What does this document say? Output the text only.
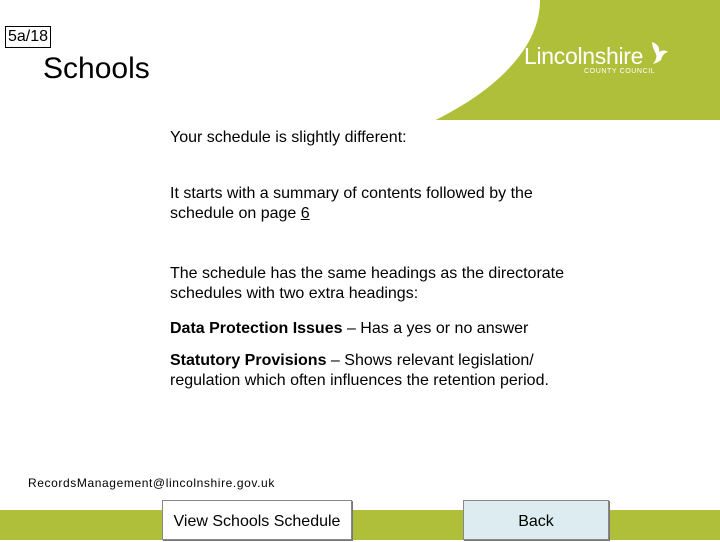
5a/18
Schools	Lincolnshire
COUNTY COUNCIL

Your schedule is slightly different:

It starts with a summary of contents followed by the
schedule on page 6

The schedule has the same headings as the directorate
schedules with two extra headings:

Data Protection Issues – Has a yes or no answer

Statutory Provisions – Shows relevant legislation/
regulation which often influences the retention period.

RecordsManagement@lincolnshire.gov.uk
View Schools Schedule	Back
